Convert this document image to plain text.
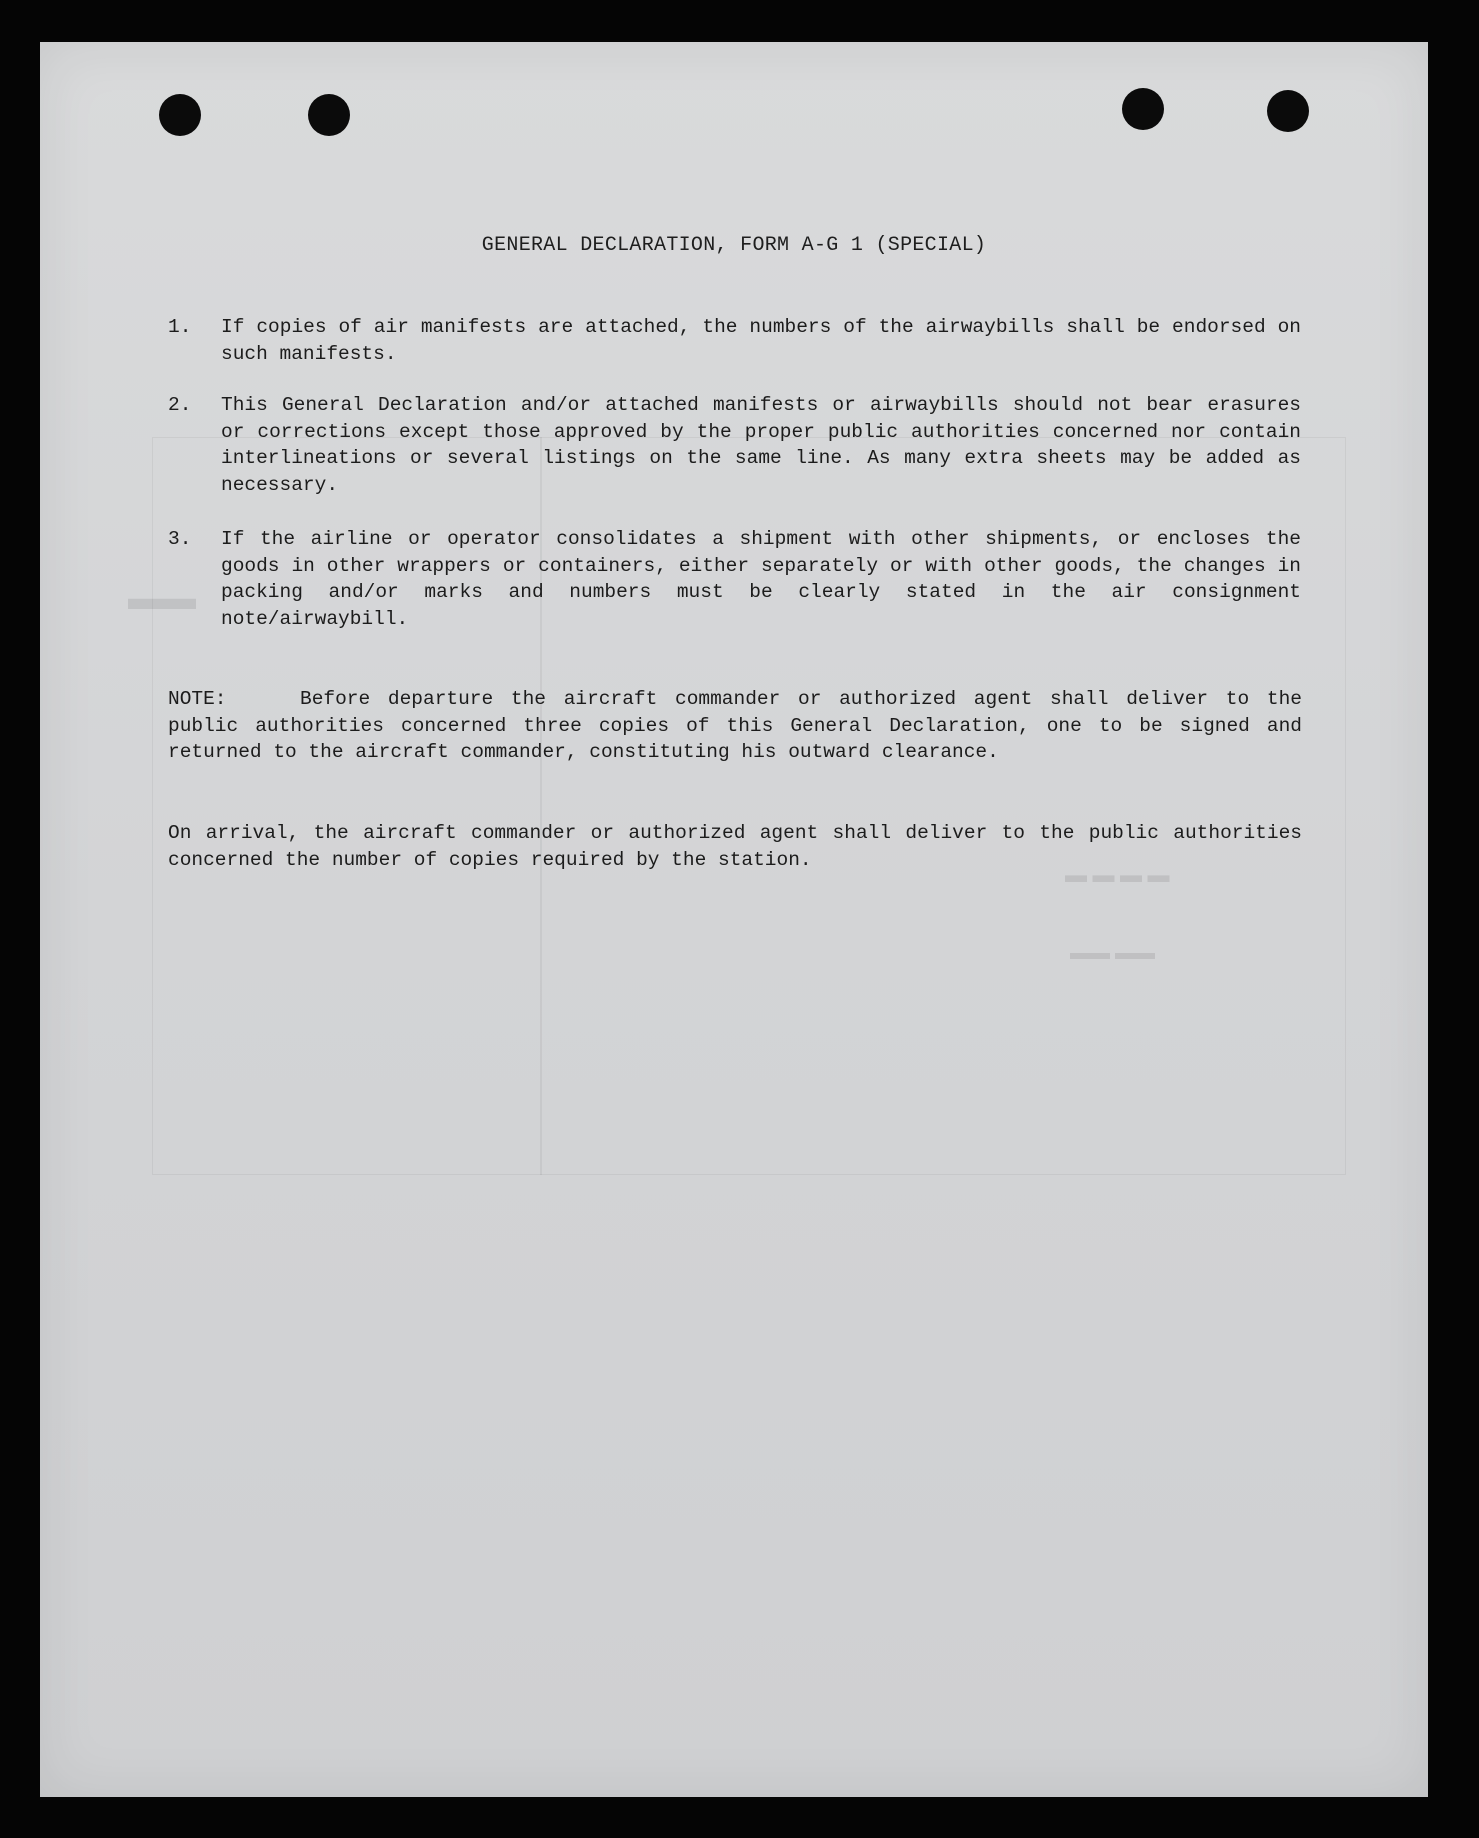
▬ ▬ ▬ ▬
▬▬ ▬▬
▬▬
GENERAL DECLARATION, FORM A-G 1 (SPECIAL)
1.	If copies of air manifests are attached, the numbers of the airwaybills shall be endorsed on such manifests.
2.	This General Declaration and/or attached manifests or airwaybills should not bear erasures or corrections except those approved by the proper public authorities concerned nor contain interlineations or several listings on the same line. As many extra sheets may be added as necessary.
3.	If the airline or operator consolidates a shipment with other shipments, or encloses the goods in other wrappers or containers, either separately or with other goods, the changes in packing and/or marks and numbers must be clearly stated in the air consignment note/airwaybill.
NOTE:	Before departure the aircraft commander or authorized agent shall deliver to the public authorities concerned three copies of this General Declaration, one to be signed and returned to the aircraft commander, constituting his outward clearance.
On arrival, the aircraft commander or authorized agent shall deliver to the public authorities concerned the number of copies required by the station.
